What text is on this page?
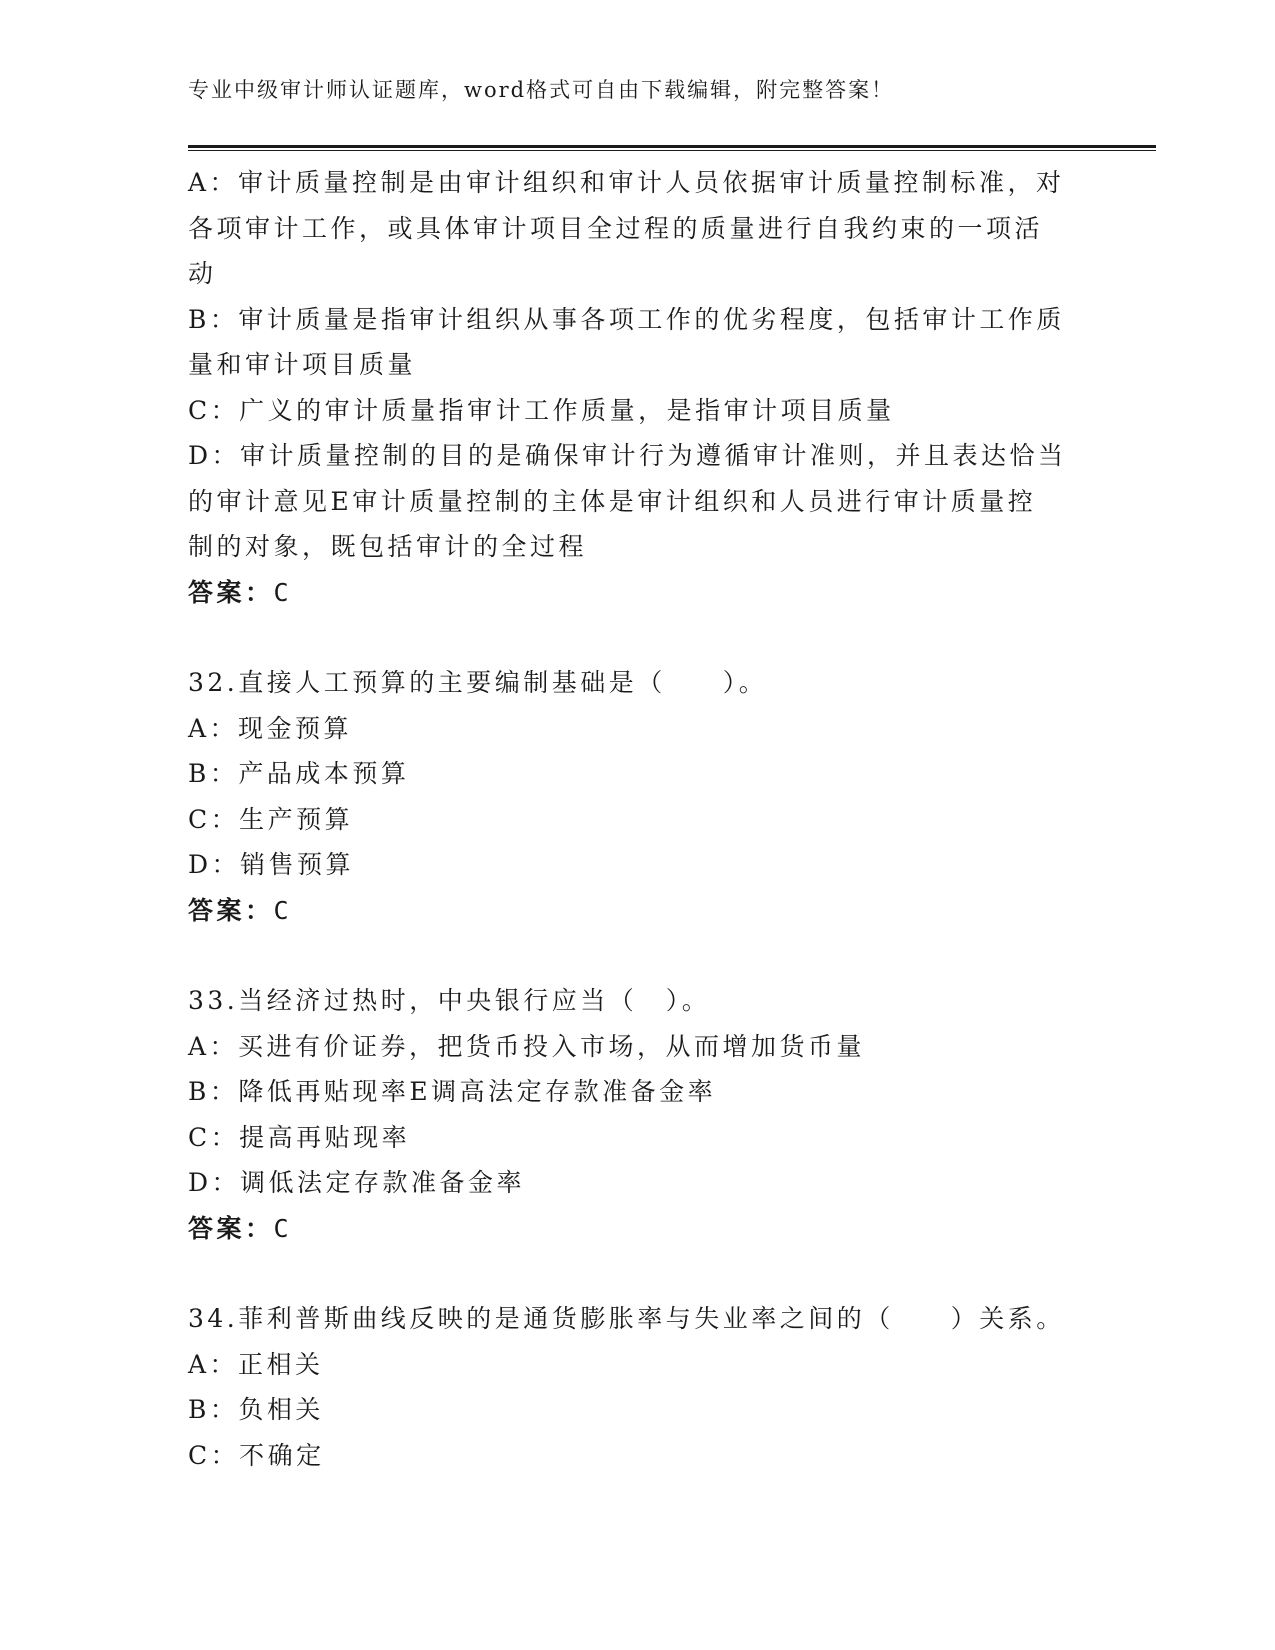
专业中级审计师认证题库，word格式可自由下载编辑，附完整答案！

A：审计质量控制是由审计组织和审计人员依据审计质量控制标准，对

各项审计工作，或具体审计项目全过程的质量进行自我约束的一项活

动

B：审计质量是指审计组织从事各项工作的优劣程度，包括审计工作质

量和审计项目质量

C：广义的审计质量指审计工作质量，是指审计项目质量

D：审计质量控制的目的是确保审计行为遵循审计准则，并且表达恰当

的审计意见E审计质量控制的主体是审计组织和人员进行审计质量控

制的对象，既包括审计的全过程

答案：C

32.直接人工预算的主要编制基础是（　　）。

A：现金预算

B：产品成本预算

C：生产预算

D：销售预算

答案：C

33.当经济过热时，中央银行应当（　）。

A：买进有价证券，把货币投入市场，从而增加货币量

B：降低再贴现率E调高法定存款准备金率

C：提高再贴现率

D：调低法定存款准备金率

答案：C

34.菲利普斯曲线反映的是通货膨胀率与失业率之间的（　　）关系。

A：正相关

B：负相关

C：不确定
